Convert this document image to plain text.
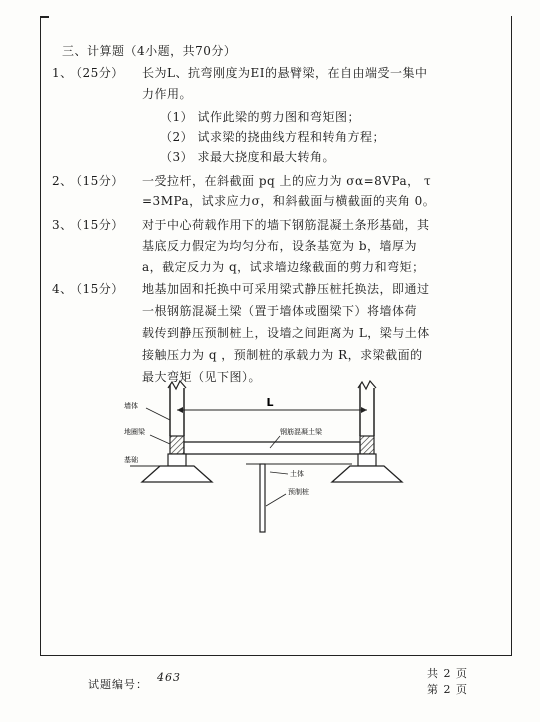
三、计算题（4小题，共70分）
1、
（25分） 长为L、抗弯刚度为EI的悬臂梁，在自由端受一集中
力作用。
（1） 试作此梁的剪力图和弯矩图；
（2） 试求梁的挠曲线方程和转角方程；
（3） 求最大挠度和最大转角。
2、
（15分） 一受拉杆，在斜截面 pq 上的应力为 σα=8VPa， τ
=3MPa，试求应力σ，和斜截面与横截面的夹角 0。
3、
（15分） 对于中心荷载作用下的墙下钢筋混凝土条形基础，其
基底反力假定为均匀分布，设条基宽为 b，墙厚为
a，截定反力为 q，试求墙边缘截面的剪力和弯矩；
4、
（15分） 地基加固和托换中可采用梁式静压桩托换法，即通过
一根钢筋混凝土梁（置于墙体或圈梁下）将墙体荷
载传到静压预制桩上，设墙之间距离为 L，梁与土体
接触压力为 q ，预制桩的承载力为 R，求梁截面的
最大弯矩（见下图）。
L
墙体
地圈梁
基础
钢筋混凝土梁
土体
预制桩
试题编号：
463	共 2 页
第 2 页
